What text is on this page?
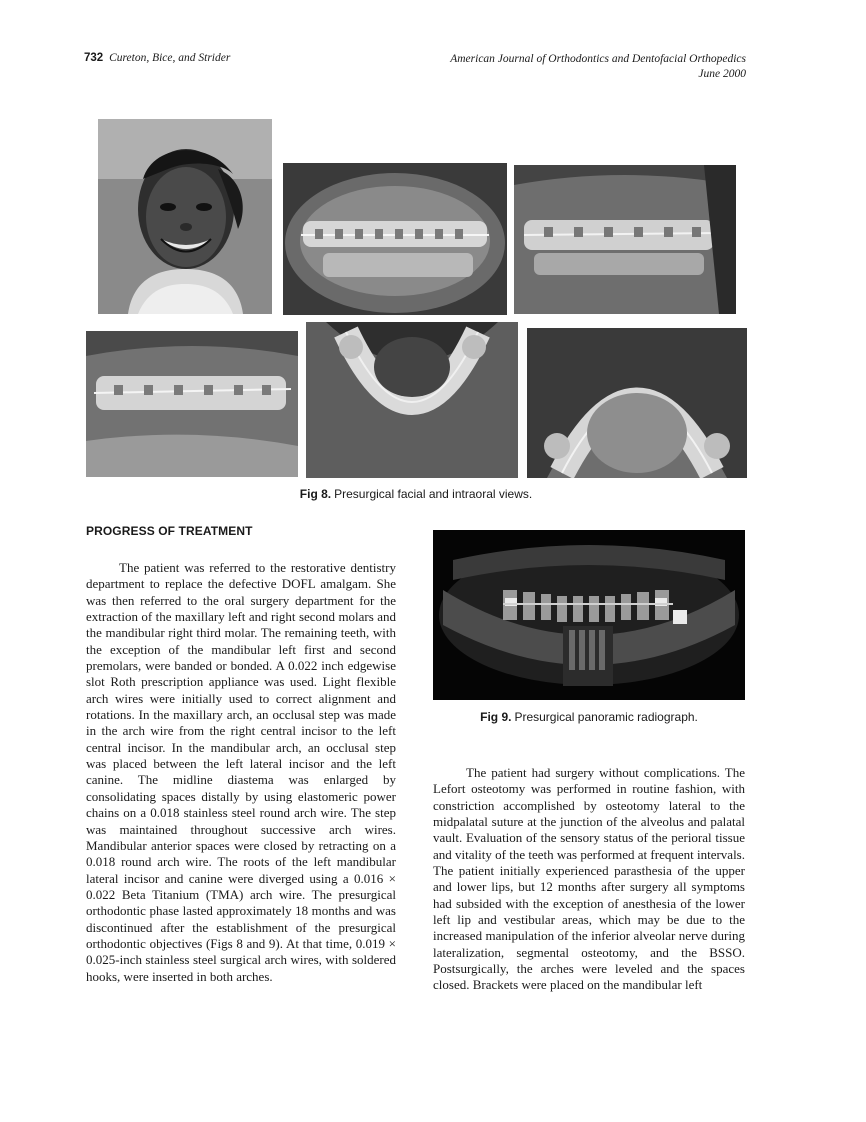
732 Cureton, Bice, and Strider	American Journal of Orthodontics and Dentofacial Orthopedics
June 2000
Fig 8. Presurgical facial and intraoral views.
PROGRESS OF TREATMENT

The patient was referred to the restorative dentistry department to replace the defective DOFL amalgam. She was then referred to the oral surgery department for the extraction of the maxillary left and right second molars and the mandibular right third molar. The remaining teeth, with the exception of the mandibular left first and second premolars, were banded or bonded. A 0.022 inch edgewise slot Roth prescription appliance was used. Light flexible arch wires were initially used to correct alignment and rotations. In the maxillary arch, an occlusal step was made in the arch wire from the right central incisor to the left central incisor. In the mandibular arch, an occlusal step was placed between the left lateral incisor and the left canine. The midline diastema was enlarged by consolidating spaces distally by using elastomeric power chains on a 0.018 stainless steel round arch wire. The step was maintained throughout successive arch wires. Mandibular anterior spaces were closed by retracting on a 0.018 round arch wire. The roots of the left mandibular lateral incisor and canine were diverged using a 0.016 × 0.022 Beta Titanium (TMA) arch wire. The presurgical orthodontic phase lasted approximately 18 months and was discontinued after the establishment of the presurgical orthodontic objectives (Figs 8 and 9). At that time, 0.019 × 0.025-inch stainless steel surgical arch wires, with soldered hooks, were inserted in both arches.

Fig 9. Presurgical panoramic radiograph.

The patient had surgery without complications. The Lefort osteotomy was performed in routine fashion, with constriction accomplished by osteotomy lateral to the midpalatal suture at the junction of the alveolus and palatal vault. Evaluation of the sensory status of the perioral tissue and vitality of the teeth was performed at frequent intervals. The patient initially experienced parasthesia of the upper and lower lips, but 12 months after surgery all symptoms had subsided with the exception of anesthesia of the lower left lip and vestibular areas, which may be due to the increased manipulation of the inferior alveolar nerve during lateralization, segmental osteotomy, and the BSSO. Postsurgically, the arches were leveled and the spaces closed. Brackets were placed on the mandibular left
